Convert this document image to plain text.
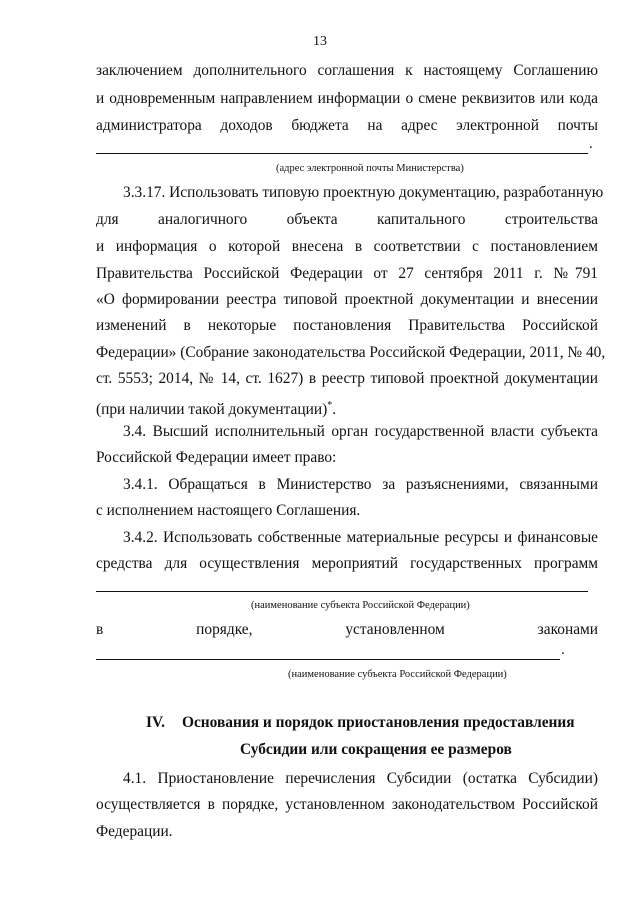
13
заключением дополнительного соглашения к настоящему Соглашению
и одновременным направлением информации о смене реквизитов или кода
администратора доходов бюджета на адрес электронной почты
.
(адрес электронной почты Министерства)
3.3.17. Использовать типовую проектную документацию, разработанную
для аналогичного объекта капитального строительства
и информация о которой внесена в соответствии с постановлением
Правительства Российской Федерации от 27 сентября 2011 г. №791
«О формировании реестра типовой проектной документации и внесении
изменений в некоторые постановления Правительства Российской
Федерации» (Собрание законодательства Российской Федерации, 2011, № 40,
ст. 5553; 2014, № 14, ст. 1627) в реестр типовой проектной документации
(при наличии такой документации)*.
3.4. Высший исполнительный орган государственной власти субъекта
Российской Федерации имеет право:
3.4.1. Обращаться в Министерство за разъяснениями, связанными
с исполнением настоящего Соглашения.
3.4.2. Использовать собственные материальные ресурсы и финансовые
средства для осуществления мероприятий государственных программ
(наименование субъекта Российской Федерации)
в порядке, установленном законами
.
(наименование субъекта Российской Федерации)
IV. Основания и порядок приостановления предоставления
Субсидии или сокращения ее размеров
4.1. Приостановление перечисления Субсидии (остатка Субсидии)
осуществляется в порядке, установленном законодательством Российской
Федерации.
